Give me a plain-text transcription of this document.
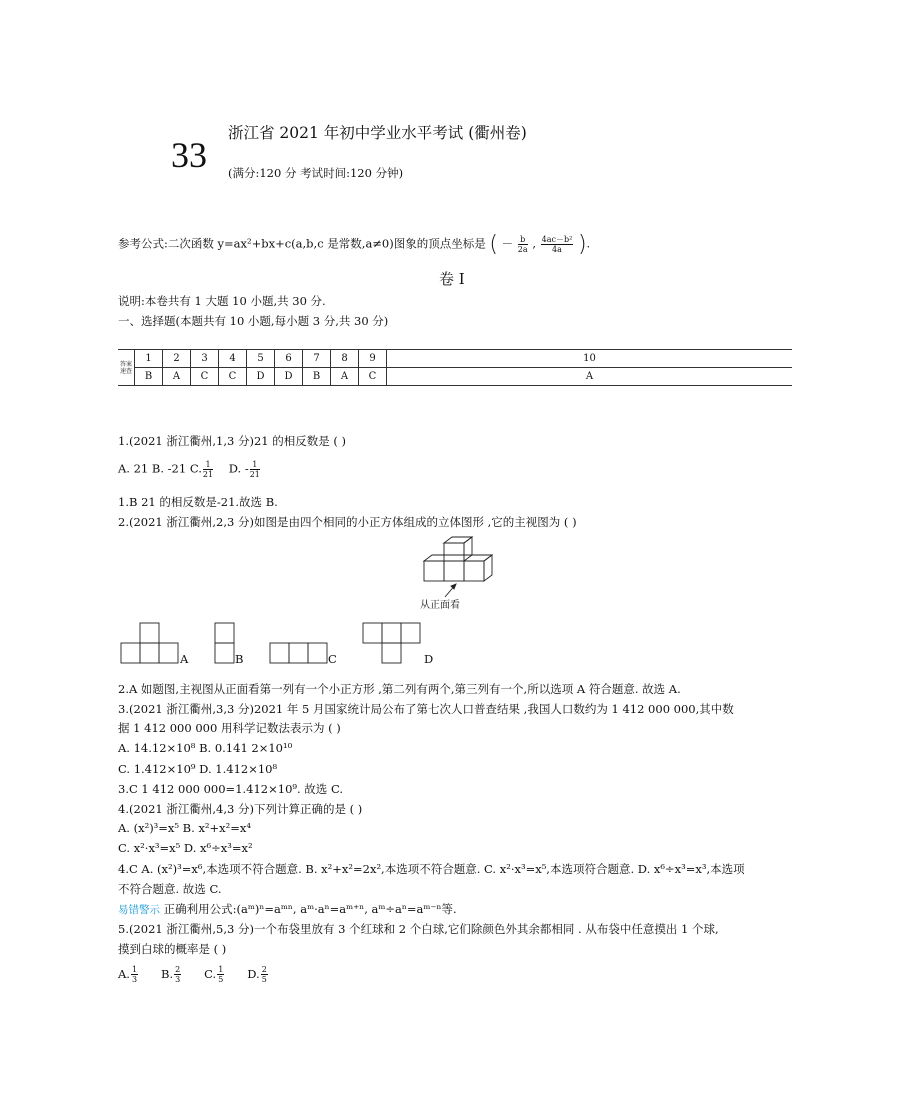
33
浙江省 2021 年初中学业水平考试 (衢州卷)
(满分:120 分 考试时间:120 分钟)
参考公式:二次函数 y=ax²+bx+c(a,b,c 是常数,a≠0)图象的顶点坐标是 ( － $\frac{b}{2a}$ , $\frac{\text{4ac－b²}}{4a}$ ).
卷 Ⅰ
说明:本卷共有 1 大题 10 小题,共 30 分.
一、选择题(本题共有 10 小题,每小题 3 分,共 30 分)
答案速查	1	2	3	4	5	6	7	8	9	10
	B	A	C	C	D	D	B	A	C	A
1.(2021 浙江衢州,1,3 分)21 的相反数是 ( )
A. 21 B. -21 C. $\frac{1}{21} D$. - $\frac{1}{21}$
1.B 21 的相反数是-21.故选 B.
2.(2021 浙江衢州,2,3 分)如图是由四个相同的小正方体组成的立体图形 ,它的主视图为 ( )
从正面看
A	B	C	D
2.A 如题图,主视图从正面看第一列有一个小正方形 ,第二列有两个,第三列有一个,所以选项 A 符合题意. 故选 A.
3.(2021 浙江衢州,3,3 分)2021 年 5 月国家统计局公布了第七次人口普查结果 ,我国人口数约为 1 412 000 000,其中数
据 1 412 000 000 用科学记数法表示为 ( )
A. 14.12×10⁸ B. 0.141 2×10¹⁰
C. 1.412×10⁹ D. 1.412×10⁸
3.C 1 412 000 000=1.412×10⁹. 故选 C.
4.(2021 浙江衢州,4,3 分)下列计算正确的是 ( )
A. (x²)³=x⁵ B. x²+x²=x⁴
C. x²·x³=x⁵ D. x⁶÷x³=x²
4.C A. (x²)³=x⁶,本选项不符合题意. B. x²+x²=2x²,本选项不符合题意. C. x²·x³=x⁵,本选项符合题意. D. x⁶÷x³=x³,本选项
不符合题意. 故选 C.
易错警示 正确利用公式:(aᵐ)ⁿ=aᵐⁿ, aᵐ·aⁿ=aᵐ⁺ⁿ, aᵐ÷aⁿ=aᵐ⁻ⁿ等.
5.(2021 浙江衢州,5,3 分)一个布袋里放有 3 个红球和 2 个白球,它们除颜色外其余都相同 . 从布袋中任意摸出 1 个球,
摸到白球的概率是 ( )
A. $\frac{1}{3} B$. $\frac{2}{3} C$. $\frac{1}{5} D$. $\frac{2}{5}$
